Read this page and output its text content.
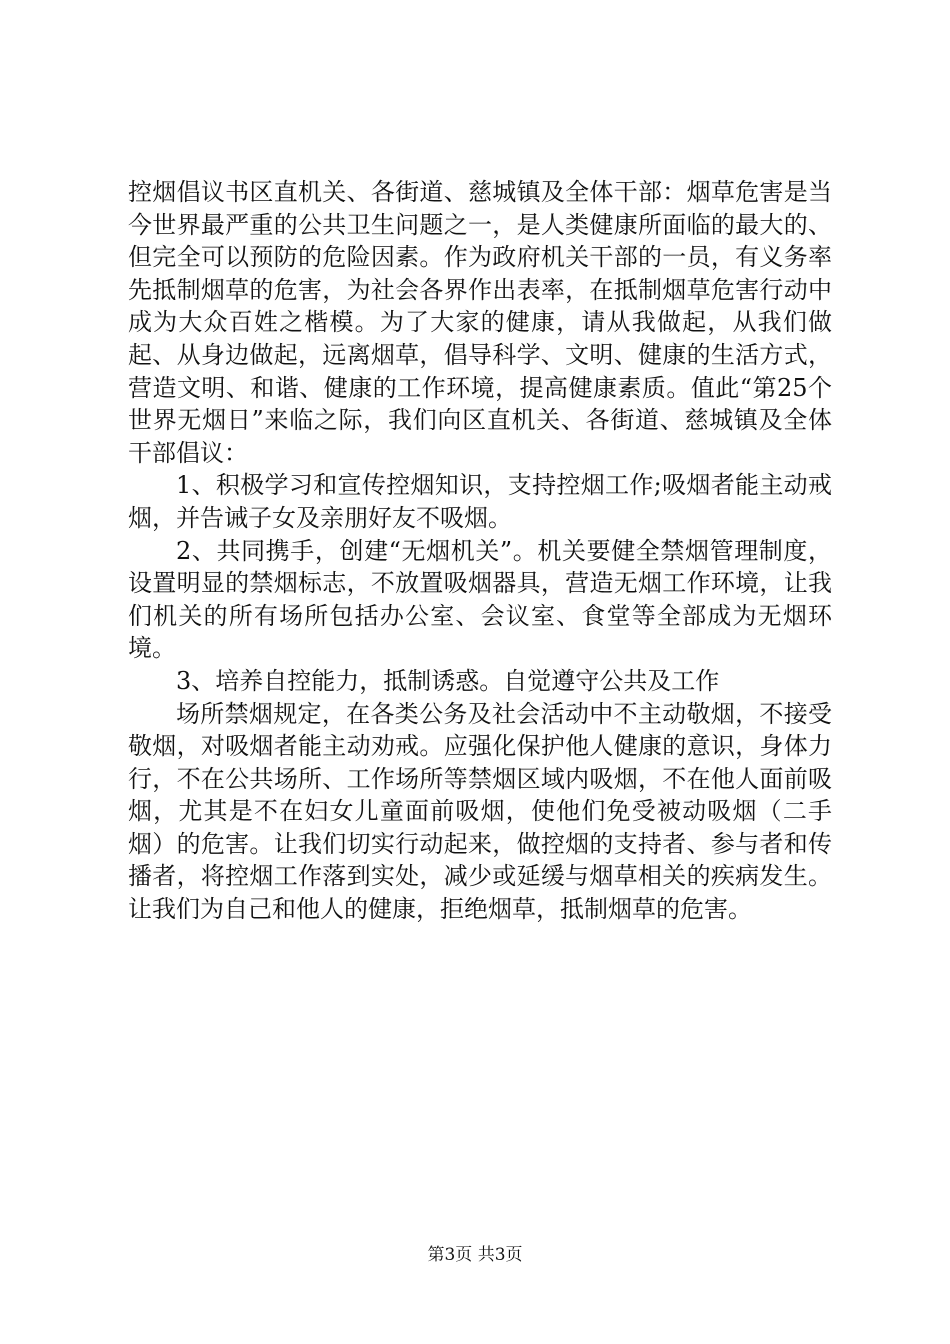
控烟倡议书区直机关、各街道、慈城镇及全体干部：烟草危害是当今世界最严重的公共卫生问题之一，是人类健康所面临的最大的、但完全可以预防的危险因素。作为政府机关干部的一员，有义务率先抵制烟草的危害，为社会各界作出表率，在抵制烟草危害行动中成为大众百姓之楷模。为了大家的健康，请从我做起，从我们做起、从身边做起，远离烟草，倡导科学、文明、健康的生活方式，营造文明、和谐、健康的工作环境，提高健康素质。值此“第25个世界无烟日”来临之际，我们向区直机关、各街道、慈城镇及全体干部倡议：

1、积极学习和宣传控烟知识，支持控烟工作;吸烟者能主动戒烟，并告诫子女及亲朋好友不吸烟。

2、共同携手，创建“无烟机关”。机关要健全禁烟管理制度，设置明显的禁烟标志，不放置吸烟器具，营造无烟工作环境，让我们机关的所有场所包括办公室、会议室、食堂等全部成为无烟环境。

3、培养自控能力，抵制诱惑。自觉遵守公共及工作

场所禁烟规定，在各类公务及社会活动中不主动敬烟，不接受敬烟，对吸烟者能主动劝戒。应强化保护他人健康的意识，身体力行，不在公共场所、工作场所等禁烟区域内吸烟，不在他人面前吸烟，尤其是不在妇女儿童面前吸烟，使他们免受被动吸烟（二手烟）的危害。让我们切实行动起来，做控烟的支持者、参与者和传播者，将控烟工作落到实处，减少或延缓与烟草相关的疾病发生。让我们为自己和他人的健康，拒绝烟草，抵制烟草的危害。

第3页 共3页
